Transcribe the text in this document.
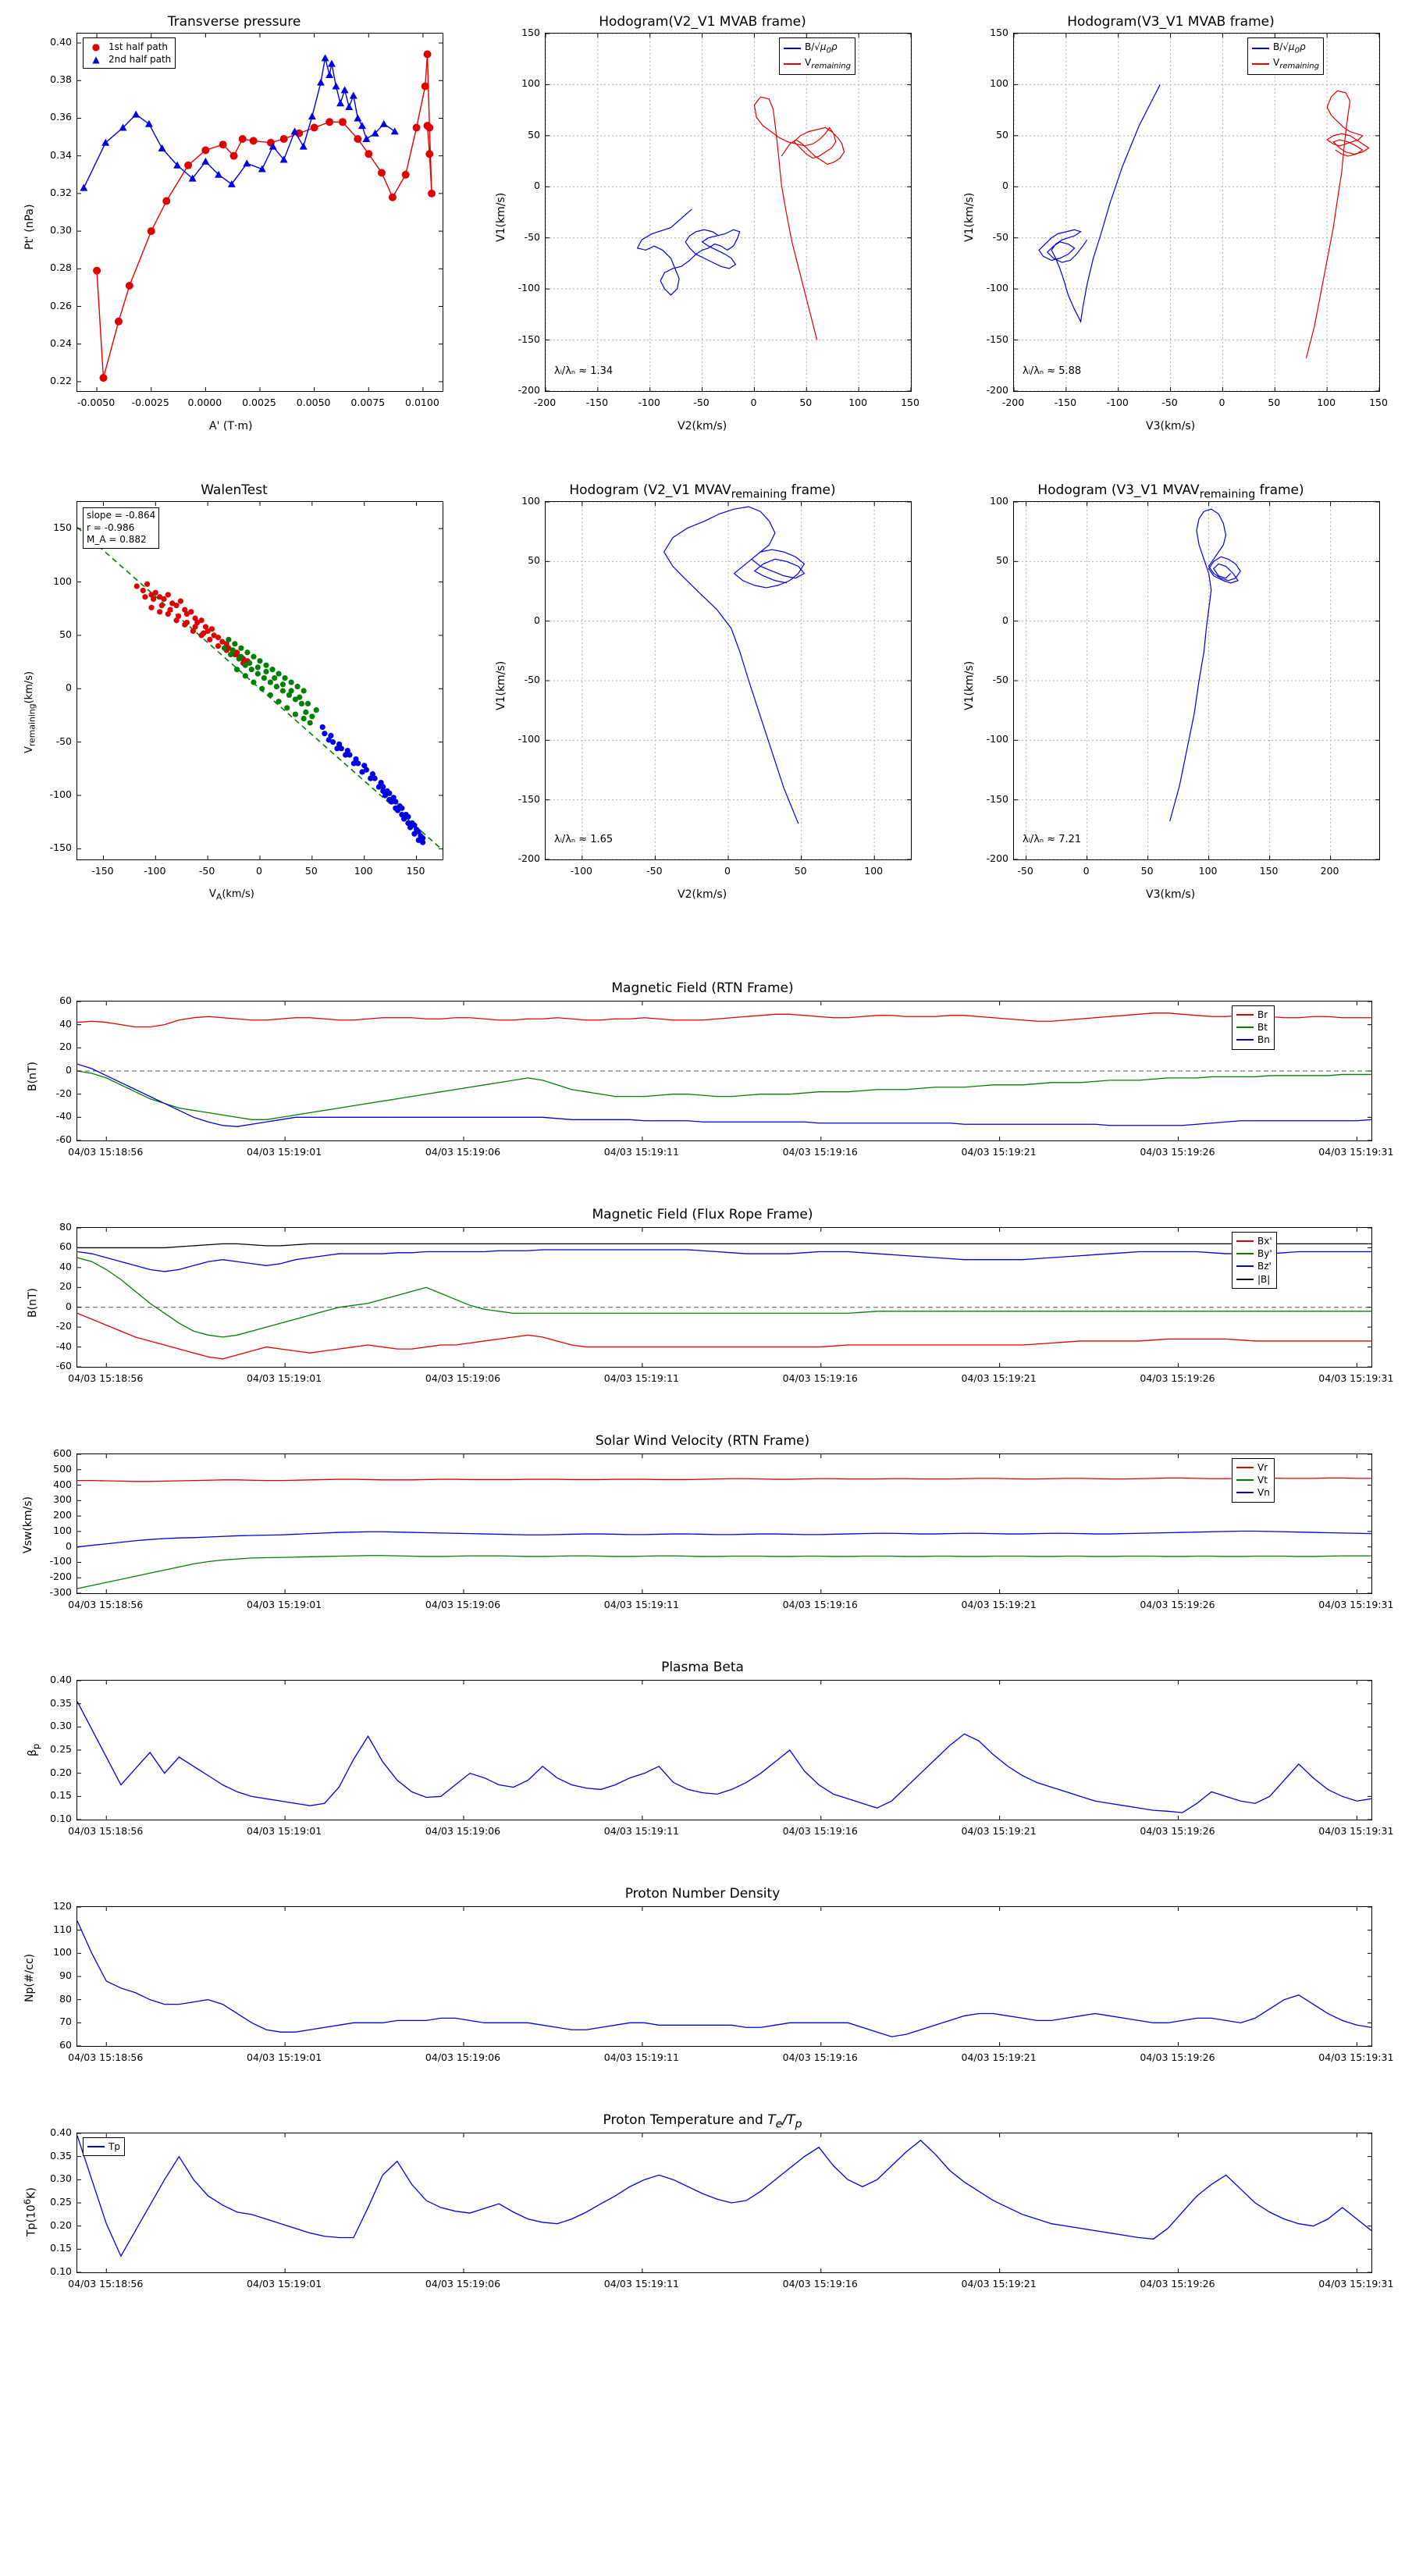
Transverse pressure
Pt' (nPa)
A' (T·m)
-0.0050	-0.0025	0.0000	0.0025	0.0050	0.0075	0.0100
0.22
0.24
0.26
0.28
0.30
0.32
0.34
0.36
0.38
0.40	● 1st half path
▲ 2nd half path
Hodogram(V2_V1 MVAB frame)
V1(km/s)
V2(km/s)
λₗ/λₙ ≈ 1.34
-200	-150	-100	-50	0	50	100	150
-200
-150
-100
-50
0
50
100
150
$B/√\mu_0\rho$
$V_{remaining}$
Hodogram(V3_V1 MVAB frame)
V1(km/s)
V3(km/s)
λₗ/λₙ ≈ 5.88
-200	-150	-100	-50	0	50	100	150
-200
-150
-100
-50
0
50
100
150
$B/√\mu_0\rho$
$V_{remaining}$
WalenTest
$V_{remaining}(km/s)$
$V_A(km/s)$
slope = -0.864
r = -0.986
M_A = 0.882
-150	-100	-50	0	50	100	150
-150
-100
-50
0
50
100
150
Hodogram (V2_V1 $MVAV_{remaining}$ frame)
V1(km/s)
V2(km/s)
λₗ/λₙ ≈ 1.65
-100	-50	0	50	100
-200
-150
-100
-50
0
50
100
Hodogram (V3_V1 $MVAV_{remaining}$ frame)
V1(km/s)
V3(km/s)
λₗ/λₙ ≈ 7.21
-50	0	50	100	150	200
-200
-150
-100
-50
0
50
100
Magnetic Field (RTN Frame)
B(nT)
04/03 15:18:56	04/03 15:19:01	04/03 15:19:06	04/03 15:19:11	04/03 15:19:16	04/03 15:19:21	04/03 15:19:26	04/03 15:19:31
-60
-40
-20
0
20
40
60
Br
Bt
Bn
Magnetic Field (Flux Rope Frame)
B(nT)
04/03 15:18:56	04/03 15:19:01	04/03 15:19:06	04/03 15:19:11	04/03 15:19:16	04/03 15:19:21	04/03 15:19:26	04/03 15:19:31
-60
-40
-20
0
20
40
60
80
Bx'
By'
Bz'
|B|
Solar Wind Velocity (RTN Frame)
Vsw(km/s)
04/03 15:18:56	04/03 15:19:01	04/03 15:19:06	04/03 15:19:11	04/03 15:19:16	04/03 15:19:21	04/03 15:19:26	04/03 15:19:31
-300
-200
-100
0
100
200
300
400
500
600
Vr
Vt
Vn
Plasma Beta
$\beta_p$
04/03 15:18:56	04/03 15:19:01	04/03 15:19:06	04/03 15:19:11	04/03 15:19:16	04/03 15:19:21	04/03 15:19:26	04/03 15:19:31
0.10
0.15
0.20
0.25
0.30
0.35
0.40
Proton Number Density
Np(#/cc)
04/03 15:18:56	04/03 15:19:01	04/03 15:19:06	04/03 15:19:11	04/03 15:19:16	04/03 15:19:21	04/03 15:19:26	04/03 15:19:31
60
70
80
90
100
110
120
Proton Temperature and $T_e/T_p$
$Tp(10^6K)$
04/03 15:18:56	04/03 15:19:01	04/03 15:19:06	04/03 15:19:11	04/03 15:19:16	04/03 15:19:21	04/03 15:19:26	04/03 15:19:31
0.10
0.15
0.20
0.25
0.30
0.35
0.40
Tp
